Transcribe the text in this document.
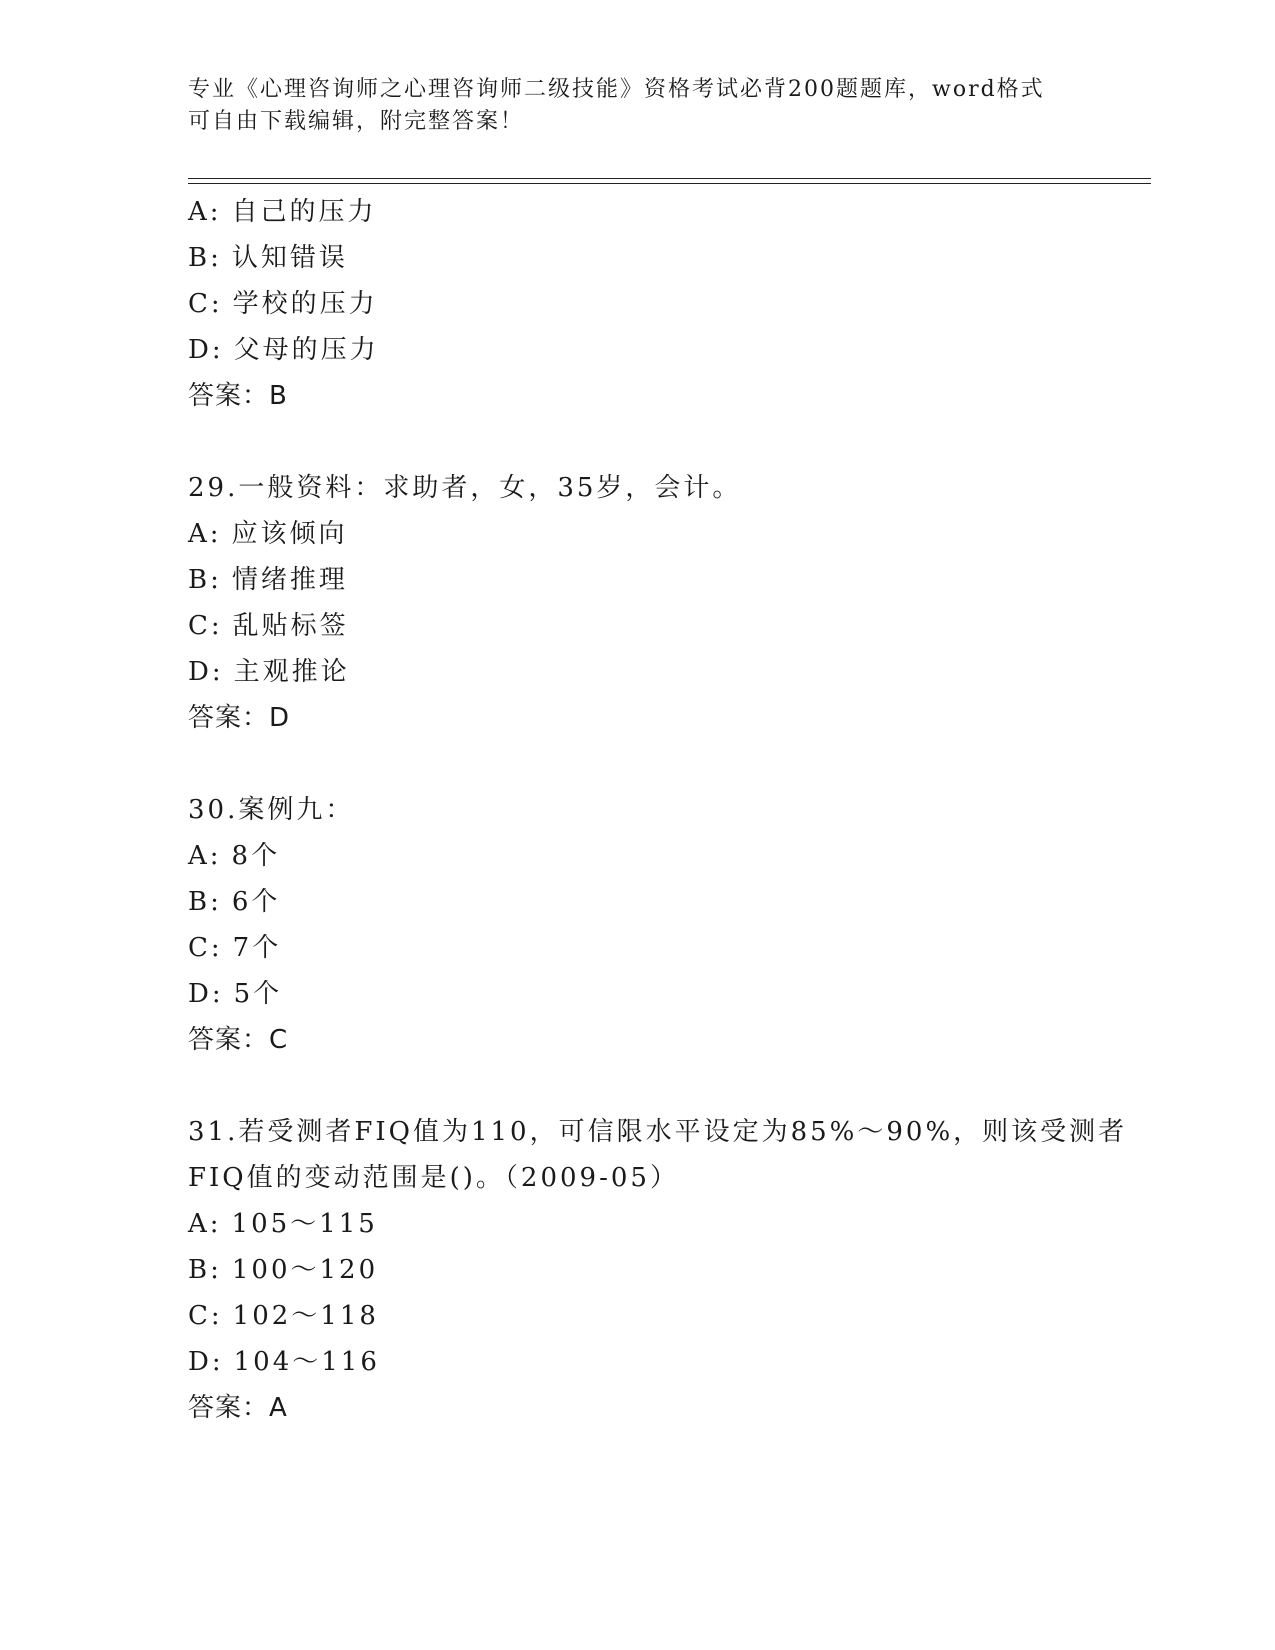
专业《心理咨询师之心理咨询师二级技能》资格考试必背200题题库，word格式
可自由下载编辑，附完整答案！
A: 自己的压力
B: 认知错误
C: 学校的压力
D: 父母的压力
答案：B
29.一般资料：求助者，女，35岁，会计。
A: 应该倾向
B: 情绪推理
C: 乱贴标签
D: 主观推论
答案：D
30.案例九：
A: 8个
B: 6个
C: 7个
D: 5个
答案：C
31.若受测者FIQ值为110，可信限水平设定为85%～90%，则该受测者
FIQ值的变动范围是()。（2009-05）
A: 105～115
B: 100～120
C: 102～118
D: 104～116
答案：A
